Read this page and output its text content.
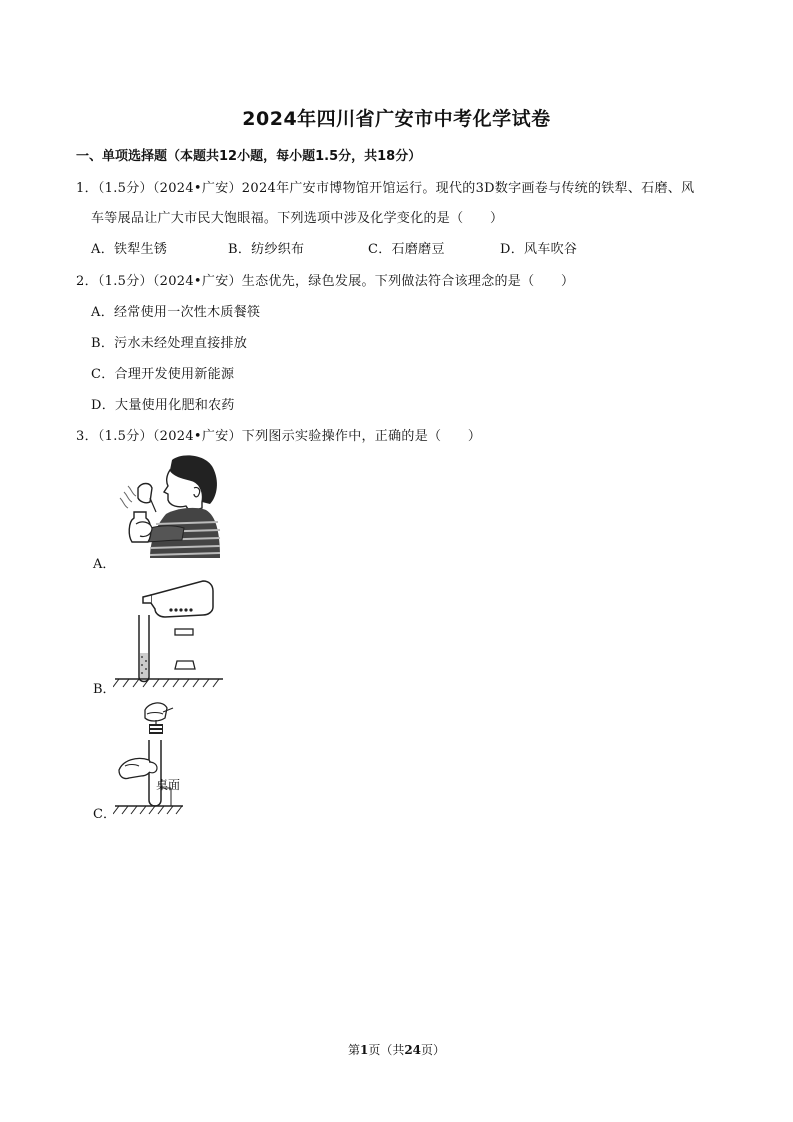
2024年四川省广安市中考化学试卷
一、单项选择题（本题共12小题，每小题1.5分，共18分）
1．（1.5分）（2024•广安）2024年广安市博物馆开馆运行。现代的3D数字画卷与传统的铁犁、石磨、风
车等展品让广大市民大饱眼福。下列选项中涉及化学变化的是（　　）
A．铁犁生锈	B．纺纱织布	C．石磨磨豆	D．风车吹谷
2．（1.5分）（2024•广安）生态优先，绿色发展。下列做法符合该理念的是（　　）
A．经常使用一次性木质餐筷
B．污水未经处理直接排放
C．合理开发使用新能源
D．大量使用化肥和农药
3．（1.5分）（2024•广安）下列图示实验操作中，正确的是（　　）
A．
B．
桌面
C．
第1页（共24页）
